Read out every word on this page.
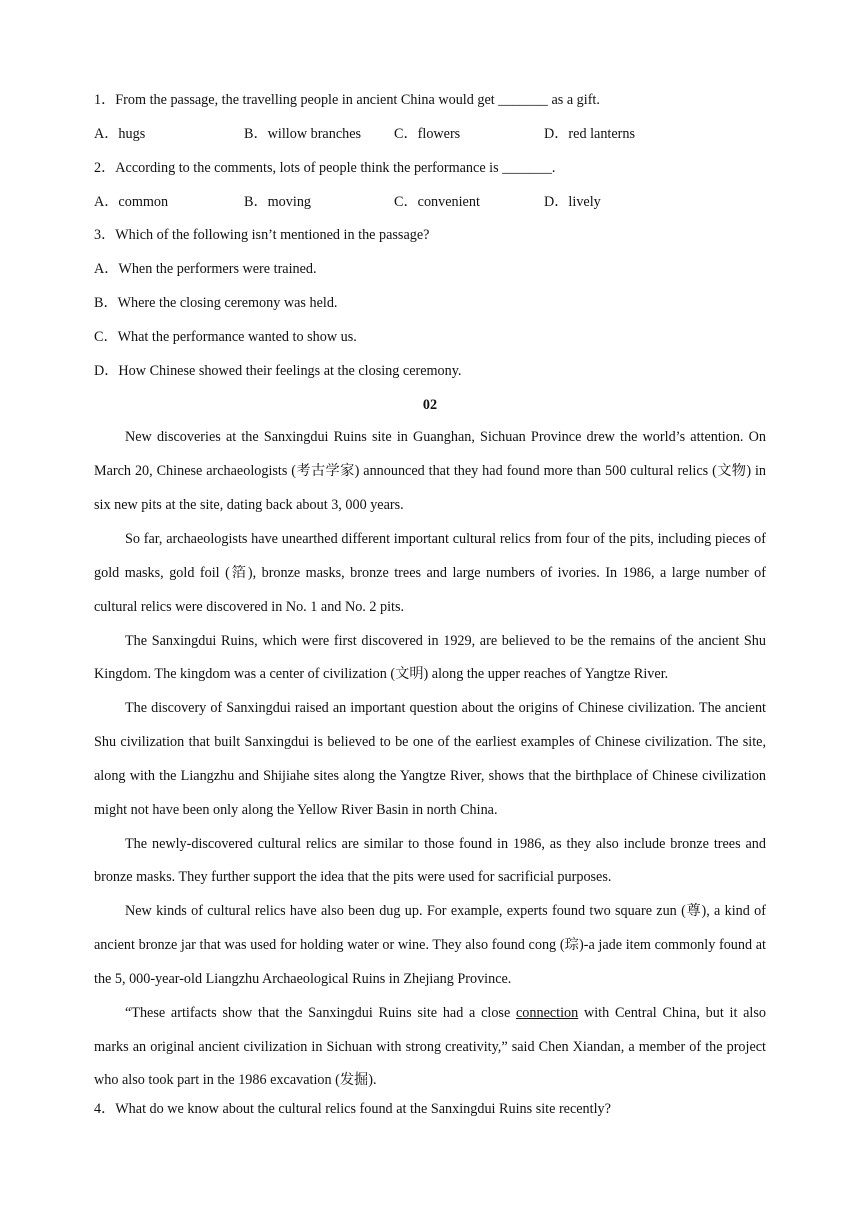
1．From the passage, the travelling people in ancient China would get _______ as a gift.
A．hugs	B．willow branches C．flowers	D．red lanterns
2．According to the comments, lots of people think the performance is _______.
A．common	B．moving	C．convenient	D．lively
3．Which of the following isn’t mentioned in the passage?
A．When the performers were trained.
B．Where the closing ceremony was held.
C．What the performance wanted to show us.
D．How Chinese showed their feelings at the closing ceremony.
02

New discoveries at the Sanxingdui Ruins site in Guanghan, Sichuan Province drew the world’s attention. On March 20, Chinese archaeologists (考古学家) announced that they had found more than 500 cultural relics (文物) in six new pits at the site, dating back about 3, 000 years.

So far, archaeologists have unearthed different important cultural relics from four of the pits, including pieces of gold masks, gold foil (箔), bronze masks, bronze trees and large numbers of ivories. In 1986, a large number of cultural relics were discovered in No. 1 and No. 2 pits.

The Sanxingdui Ruins, which were first discovered in 1929, are believed to be the remains of the ancient Shu Kingdom. The kingdom was a center of civilization (文明) along the upper reaches of Yangtze River.

The discovery of Sanxingdui raised an important question about the origins of Chinese civilization. The ancient Shu civilization that built Sanxingdui is believed to be one of the earliest examples of Chinese civilization. The site, along with the Liangzhu and Shijiahe sites along the Yangtze River, shows that the birthplace of Chinese civilization might not have been only along the Yellow River Basin in north China.

The newly-discovered cultural relics are similar to those found in 1986, as they also include bronze trees and bronze masks. They further support the idea that the pits were used for sacrificial purposes.

New kinds of cultural relics have also been dug up. For example, experts found two square zun (尊), a kind of ancient bronze jar that was used for holding water or wine. They also found cong (琮)-a jade item commonly found at the 5, 000-year-old Liangzhu Archaeological Ruins in Zhejiang Province.

“These artifacts show that the Sanxingdui Ruins site had a close connection with Central China, but it also marks an original ancient civilization in Sichuan with strong creativity,” said Chen Xiandan, a member of the project who also took part in the 1986 excavation (发掘).

4．What do we know about the cultural relics found at the Sanxingdui Ruins site recently?
